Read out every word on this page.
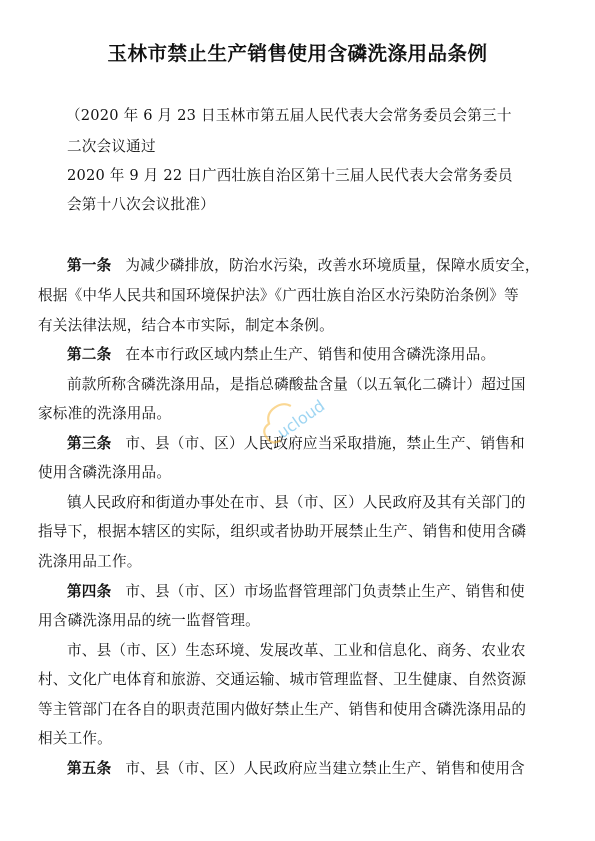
玉林市禁止生产销售使用含磷洗涤用品条例
（2020 年 6 月 23 日玉林市第五届人民代表大会常务委员会第三十
二次会议通过
2020 年 9 月 22 日广西壮族自治区第十三届人民代表大会常务委员
会第十八次会议批准）
第一条 为减少磷排放，防治水污染，改善水环境质量，保障水质安全，
根据《中华人民共和国环境保护法》《广西壮族自治区水污染防治条例》等
有关法律法规，结合本市实际，制定本条例。
第二条 在本市行政区域内禁止生产、销售和使用含磷洗涤用品。
前款所称含磷洗涤用品，是指总磷酸盐含量（以五氧化二磷计）超过国
家标准的洗涤用品。
第三条 市、县（市、区）人民政府应当采取措施，禁止生产、销售和
使用含磷洗涤用品。
镇人民政府和街道办事处在市、县（市、区）人民政府及其有关部门的
指导下，根据本辖区的实际，组织或者协助开展禁止生产、销售和使用含磷
洗涤用品工作。
第四条 市、县（市、区）市场监督管理部门负责禁止生产、销售和使
用含磷洗涤用品的统一监督管理。
市、县（市、区）生态环境、发展改革、工业和信息化、商务、农业农
村、文化广电体育和旅游、交通运输、城市管理监督、卫生健康、自然资源
等主管部门在各自的职责范围内做好禁止生产、销售和使用含磷洗涤用品的
相关工作。
第五条 市、县（市、区）人民政府应当建立禁止生产、销售和使用含
ucloud
